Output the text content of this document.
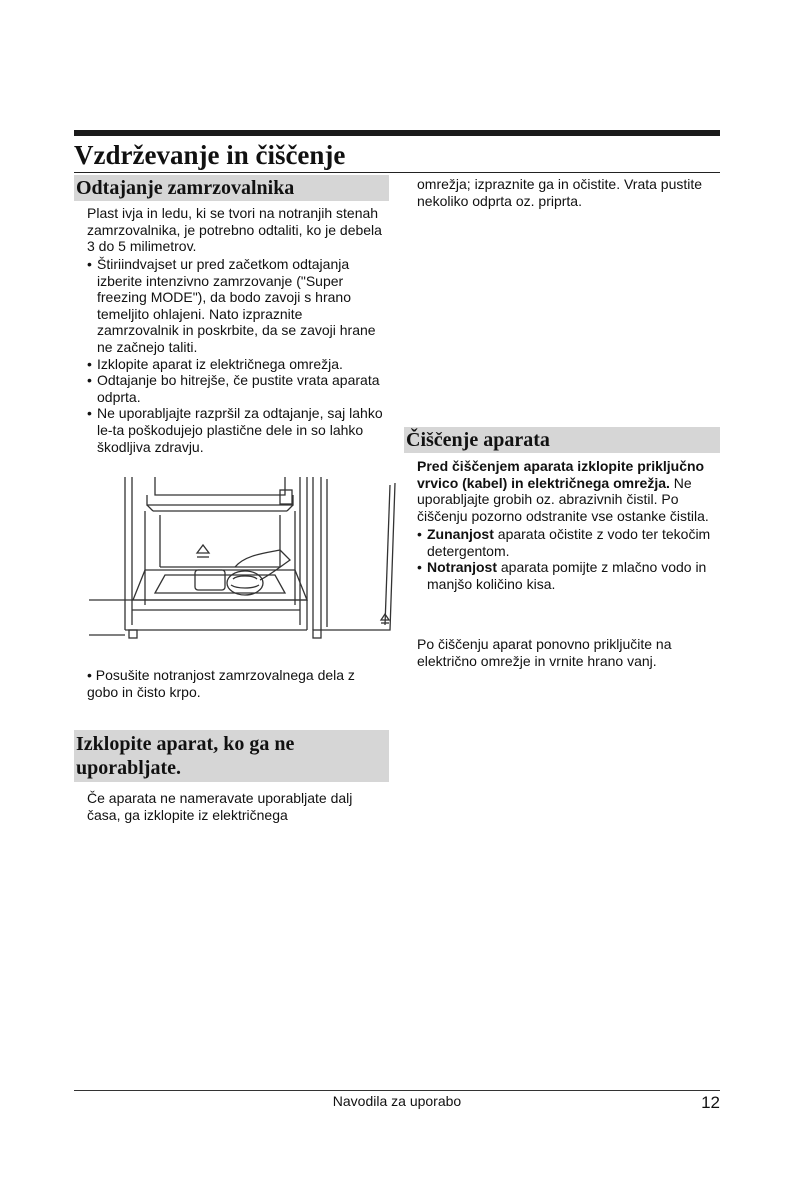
Vzdrževanje in čiščenje
Odtajanje zamrzovalnika

Plast ivja in ledu, ki se tvori na notranjih stenah zamrzovalnika, je potrebno odtaliti, ko je debela 3 do 5 milimetrov.

• Štiriindvajset ur pred začetkom odtajanja izberite intenzivno zamrzovanje ("Super freezing MODE"), da bodo zavoji s hrano temeljito ohlajeni. Nato izpraznite zamrzovalnik in poskrbite, da se zavoji hrane ne začnejo taliti.
• Izklopite aparat iz električnega omrežja.
• Odtajanje bo hitrejše, če pustite vrata aparata odprta.
• Ne uporabljajte razpršil za odtajanje, saj lahko le-ta poškodujejo plastične dele in so lahko škodljiva zdravju.

• Posušite notranjost zamrzovalnega dela z gobo in čisto krpo.

Izklopite aparat, ko ga ne uporabljate.

Če aparata ne nameravate uporabljate dalj časa, ga izklopite iz električnega

omrežja; izpraznite ga in očistite. Vrata pustite nekoliko odprta oz. priprta.

Čiščenje aparata

Pred čiščenjem aparata izklopite priključno vrvico (kabel) in električnega omrežja. Ne uporabljajte grobih oz. abrazivnih čistil. Po čiščenju pozorno odstranite vse ostanke čistila.

• Zunanjost aparata očistite z vodo ter tekočim detergentom.
• Notranjost aparata pomijte z mlačno vodo in manjšo količino kisa.

Po čiščenju aparat ponovno priključite na električno omrežje in vrnite hrano vanj.

Navodila za uporabo	12
